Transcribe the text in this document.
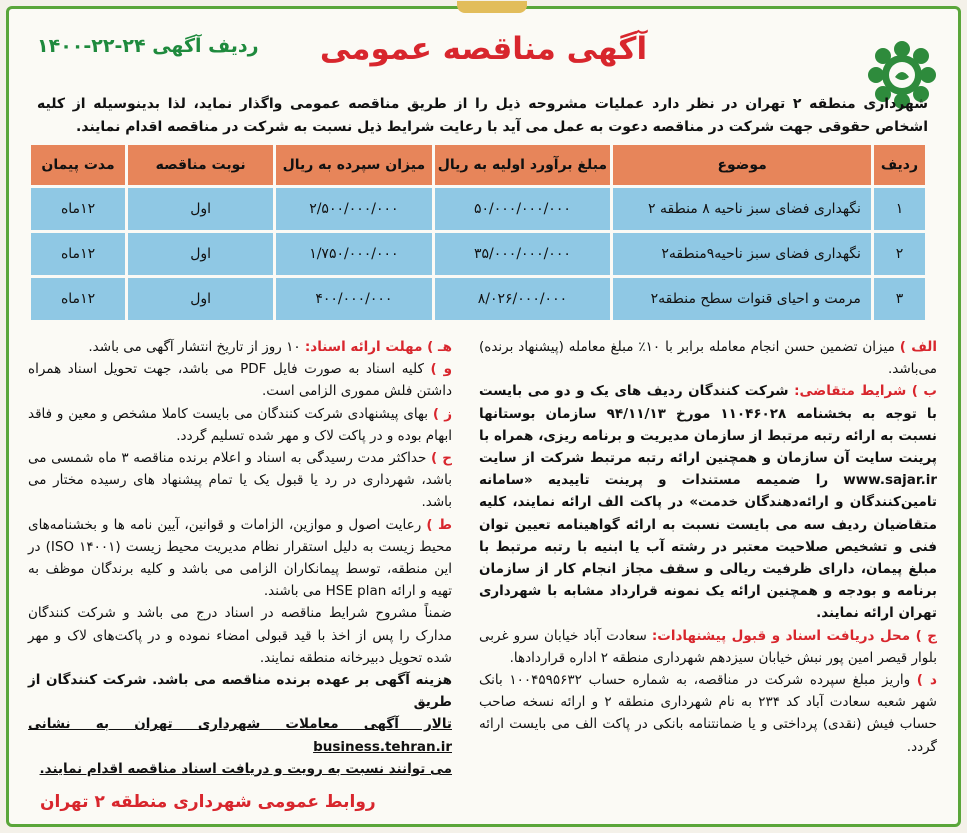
آگهی مناقصه عمومی
ردیف آگهی ۲۴-۲۲-۱۴۰۰
شهرداری منطقه ۲ تهران در نظر دارد عملیات مشروحه ذیل را از طریق مناقصه عمومی واگذار نماید، لذا بدینوسیله از کلیه اشخاص حقوقی جهت شرکت در مناقصه دعوت به عمل می آید با رعایت شرایط ذیل نسبت به شرکت در مناقصه اقدام نمایند.
ردیف	موضوع	مبلغ برآورد اولیه به ریال	میزان سپرده به ریال	نوبت مناقصه	مدت پیمان
۱	نگهداری فضای سبز ناحیه ۸ منطقه ۲	۵۰/۰۰۰/۰۰۰/۰۰۰	۲/۵۰۰/۰۰۰/۰۰۰	اول	۱۲ماه
۲	نگهداری فضای سبز ناحیه۹منطقه۲	۳۵/۰۰۰/۰۰۰/۰۰۰	۱/۷۵۰/۰۰۰/۰۰۰	اول	۱۲ماه
۳	مرمت و احیای قنوات سطح منطقه۲	۸/۰۲۶/۰۰۰/۰۰۰	۴۰۰/۰۰۰/۰۰۰	اول	۱۲ماه

الف ) میزان تضمین حسن انجام معامله برابر با ۱۰٪ مبلغ معامله (پیشنهاد برنده) می‌باشد.

ب ) شرایط متقاضی: شرکت کنندگان ردیف های یک و دو می بایست با توجه به بخشنامه ۱۱۰۴۶۰۲۸ مورخ ۹۴/۱۱/۱۳ سازمان بوستانها نسبت به ارائه رتبه مرتبط از سازمان مدیریت و برنامه ریزی، همراه با پرینت سایت آن سازمان و همچنین ارائه رتبه مرتبط شرکت از سایت www.sajar.ir را ضمیمه مستندات و پرینت تاییدیه «سامانه تامین‌کنندگان و ارائه‌دهندگان خدمت» در پاکت الف ارائه نمایند، کلیه متقاضیان ردیف سه می بایست نسبت به ارائه گواهینامه تعیین توان فنی و تشخیص صلاحیت معتبر در رشته آب یا ابنیه با رتبه مرتبط با مبلغ پیمان، دارای ظرفیت ریالی و سقف مجاز انجام کار از سازمان برنامه و بودجه و همچنین ارائه یک نمونه قرارداد مشابه با شهرداری تهران ارائه نمایند.

ج ) محل دریافت اسناد و قبول پیشنهادات: سعادت آباد خیابان سرو غربی بلوار قیصر امین پور نبش خیابان سیزدهم شهرداری منطقه ۲ اداره قراردادها.

د ) واریز مبلغ سپرده شرکت در مناقصه، به شماره حساب ۱۰۰۴۵۹۵۶۳۲ بانک شهر شعبه سعادت آباد کد ۲۳۴ به نام شهرداری منطقه ۲ و ارائه نسخه صاحب حساب فیش (نقدی) پرداختی و یا ضمانتنامه بانکی در پاکت الف می بایست ارائه گردد.

هـ ) مهلت ارائه اسناد: ۱۰ روز از تاریخ انتشار آگهی می باشد.

و ) کلیه اسناد به صورت فایل PDF می باشد، جهت تحویل اسناد همراه داشتن فلش مموری الزامی است.

ز ) بهای پیشنهادی شرکت کنندگان می بایست کاملا مشخص و معین و فاقد ابهام بوده و در پاکت لاک و مهر شده تسلیم گردد.

ح ) حداکثر مدت رسیدگی به اسناد و اعلام برنده مناقصه ۳ ماه شمسی می باشد، شهرداری در رد یا قبول یک یا تمام پیشنهاد های رسیده مختار می باشد.

ط ) رعایت اصول و موازین، الزامات و قوانین، آیین نامه ها و بخشنامه‌های محیط زیست به دلیل استقرار نظام مدیریت محیط زیست (ISO ۱۴۰۰۱) در این منطقه، توسط پیمانکاران الزامی می باشد و کلیه برندگان موظف به تهیه و ارائه HSE plan می باشند.

ضمناً مشروح شرایط مناقصه در اسناد درج می باشد و شرکت کنندگان مدارک را پس از اخذ با قید قبولی امضاء نموده و در پاکت‌های لاک و مهر شده تحویل دبیرخانه منطقه نمایند.

هزینه آگهی بر عهده برنده مناقصه می باشد. شرکت کنندگان از طریق

تالار آگهی معاملات شهرداری تهران به نشانی business.tehran.ir

می توانند نسبت به رویت و دریافت اسناد مناقصه اقدام نمایند.

روابط عمومی شهرداری منطقه ۲ تهران
